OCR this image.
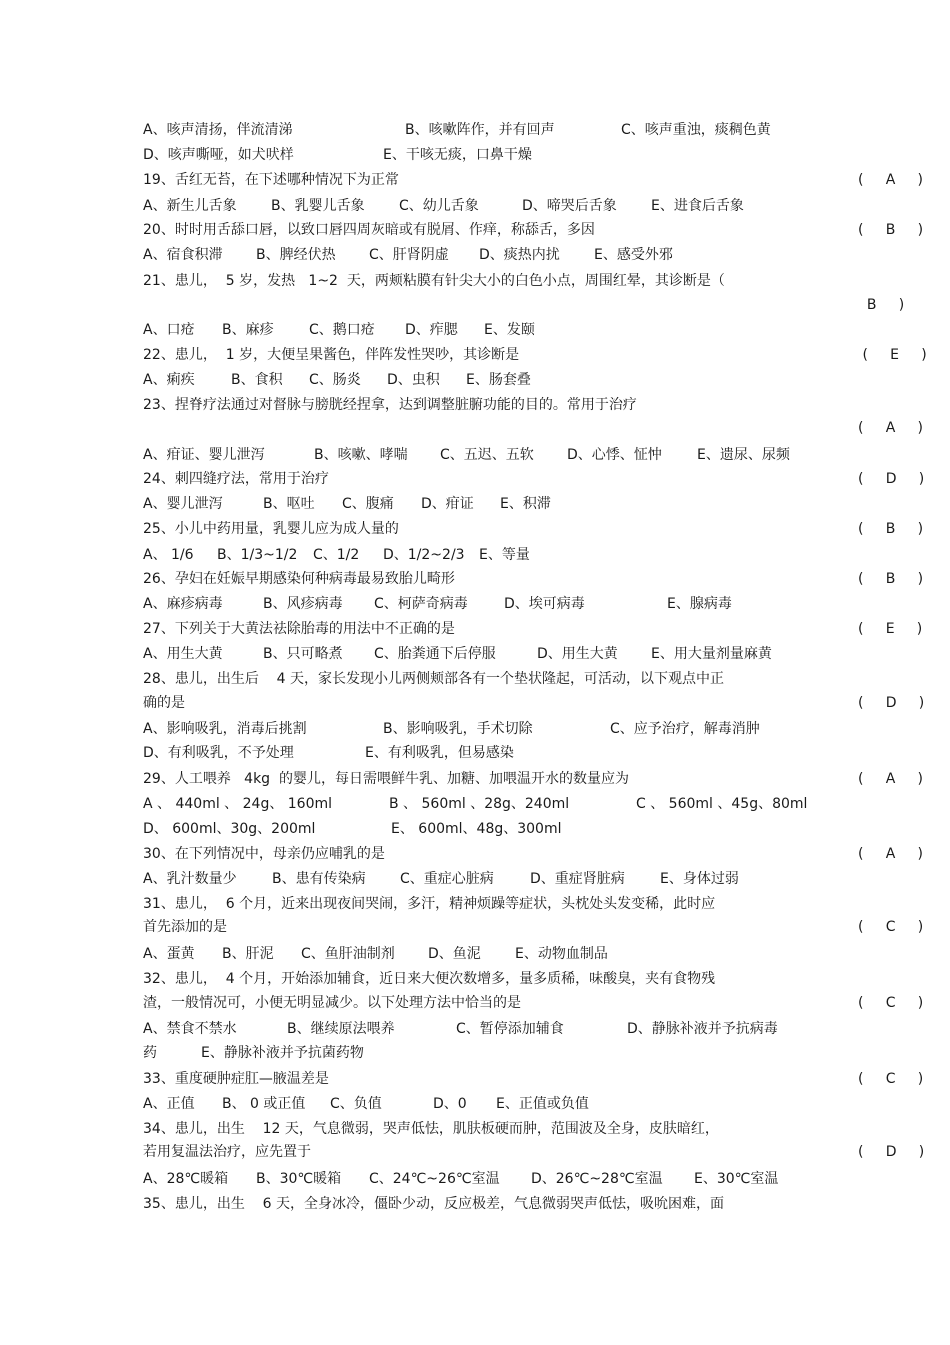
A、咳声清扬，伴流清涕	B、咳嗽阵作，并有回声	C、咳声重浊，痰稠色黄
D、咳声嘶哑，如犬吠样	E、干咳无痰，口鼻干燥
19、舌红无苔，在下述哪种情况下为正常	(     A     )
A、新生儿舌象 B、乳婴儿舌象 C、幼儿舌象	D、啼哭后舌象 E、进食后舌象
20、时时用舌舔口唇，以致口唇四周灰暗或有脱屑、作痒，称舔舌，多因	(     B     )
A、宿食积滞 B、脾经伏热 C、肝肾阴虚 D、痰热内扰 E、感受外邪
21、患儿，  5 岁，发热   1~2  天，两颊粘膜有针尖大小的白色小点，周围红晕，其诊断是（
B     )
A、口疮 B、麻疹	C、鹅口疮 D、痄腮 E、发颐
22、患儿，  1 岁，大便呈果酱色，伴阵发性哭吵，其诊断是	(     E     )
A、痢疾	B、食积 C、肠炎 D、虫积 E、肠套叠
23、捏脊疗法通过对督脉与膀胱经捏拿，达到调整脏腑功能的目的。常用于治疗
(     A     )
A、疳证、婴儿泄泻	B、咳嗽、哮喘 C、五迟、五软 D、心悸、怔忡	E、遗尿、尿频
24、刺四缝疗法，常用于治疗	(     D     )
A、婴儿泄泻	B、呕吐 C、腹痛 D、疳证 E、积滞
25、小儿中药用量，乳婴儿应为成人量的	(     B     )
A、 1/6 B、1/3~1/2 C、1/2 D、1/2~2/3 E、等量
26、孕妇在妊娠早期感染何种病毒最易致胎儿畸形	(     B     )
A、麻疹病毒	B、风疹病毒 C、柯萨奇病毒	D、埃可病毒	E、腺病毒
27、下列关于大黄法祛除胎毒的用法中不正确的是	(     E     )
A、用生大黄	B、只可略煮 C、胎粪通下后停服	D、用生大黄 E、用大量剂量麻黄
28、患儿，出生后    4 天，家长发现小儿两侧颊部各有一个垫状隆起，可活动，以下观点中正
确的是	(     D     )
A、影响吸乳，消毒后挑割	B、影响吸乳，手术切除	C、应予治疗，解毒消肿
D、有利吸乳，不予处理	E、有利吸乳，但易感染
29、人工喂养   4kg  的婴儿，每日需喂鲜牛乳、加糖、加喂温开水的数量应为	(     A     )
A 、 440ml 、 24g、 160ml	B 、 560ml 、28g、240ml	C 、 560ml 、45g、80ml
D、 600ml、30g、200ml	E、 600ml、48g、300ml
30、在下列情况中，母亲仍应哺乳的是	(     A     )
A、乳汁数量少	B、患有传染病 C、重症心脏病	D、重症肾脏病	E、身体过弱
31、患儿，  6 个月，近来出现夜间哭闹，多汗，精神烦躁等症状，头枕处头发变稀，此时应
首先添加的是	(     C     )
A、蛋黄 B、肝泥 C、鱼肝油制剂 D、鱼泥 E、动物血制品
32、患儿，  4 个月，开始添加辅食，近日来大便次数增多，量多质稀，味酸臭，夹有食物残
渣，一般情况可，小便无明显减少。以下处理方法中恰当的是	(     C     )
A、禁食不禁水	B、继续原法喂养	C、暂停添加辅食	D、静脉补液并予抗病毒
药	E、静脉补液并予抗菌药物
33、重度硬肿症肛—腋温差是	(     C     )
A、正值 B、 0 或正值 C、负值	D、0 E、正值或负值
34、患儿，出生    12 天，气息微弱，哭声低怯，肌肤板硬而肿，范围波及全身，皮肤暗红，
若用复温法治疗，应先置于	(     D     )
A、28℃暖箱 B、30℃暖箱 C、24℃~26℃室温 D、26℃~28℃室温 E、30℃室温
35、患儿，出生    6 天，全身冰冷，僵卧少动，反应极差，气息微弱哭声低怯，吸吮困难，面
